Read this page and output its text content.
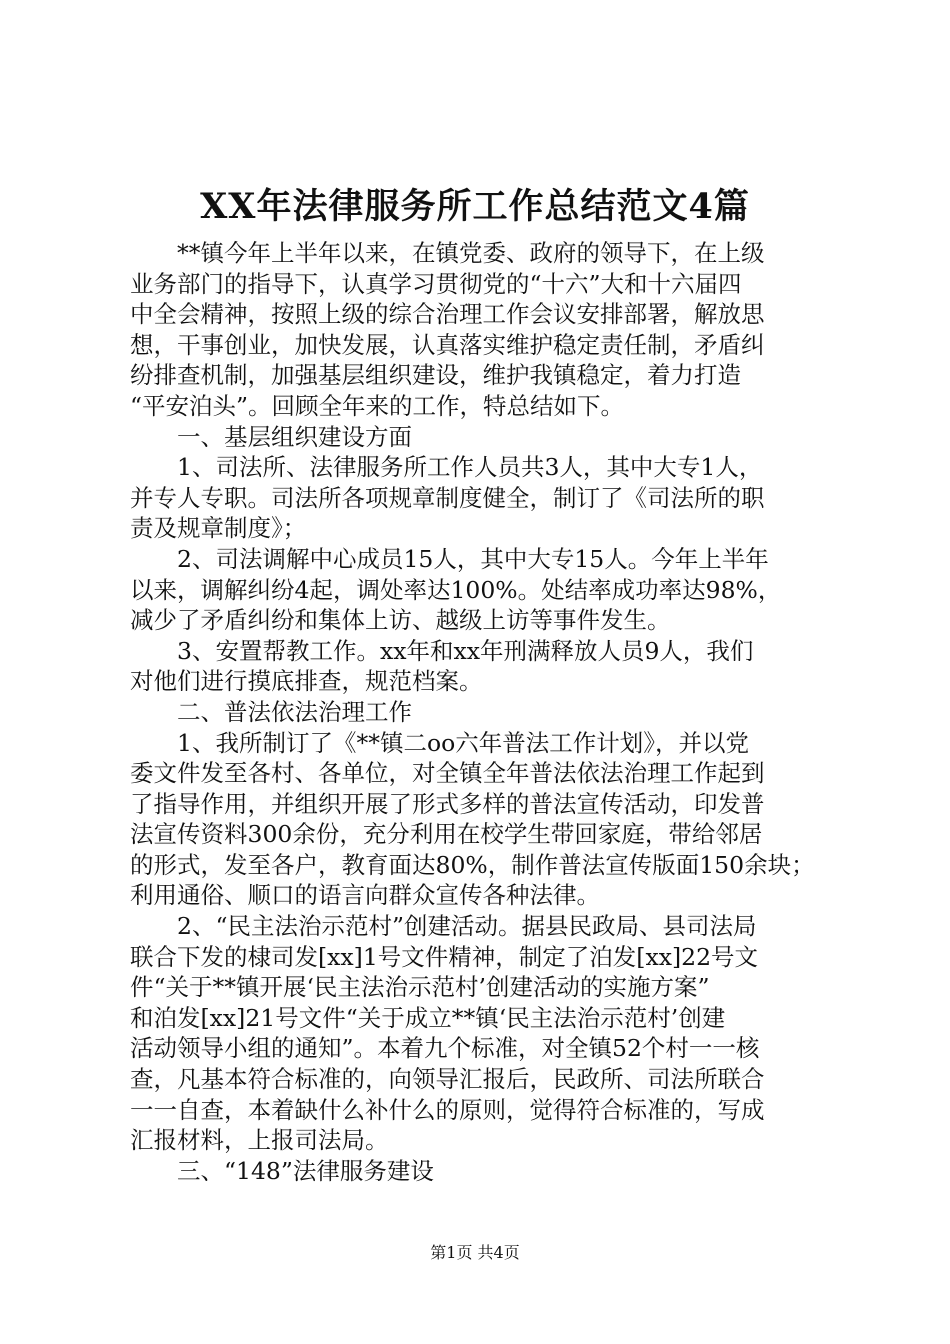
XX年法律服务所工作总结范文4篇
　　**镇今年上半年以来，在镇党委、政府的领导下，在上级
业务部门的指导下，认真学习贯彻党的“十六”大和十六届四
中全会精神，按照上级的综合治理工作会议安排部署，解放思
想，干事创业，加快发展，认真落实维护稳定责任制，矛盾纠
纷排查机制，加强基层组织建设，维护我镇稳定，着力打造
“平安泊头”。回顾全年来的工作，特总结如下。
　　一、基层组织建设方面
　　1、司法所、法律服务所工作人员共3人，其中大专1人，
并专人专职。司法所各项规章制度健全，制订了《司法所的职
责及规章制度》；
　　2、司法调解中心成员15人，其中大专15人。今年上半年
以来，调解纠纷4起，调处率达100%。处结率成功率达98%，
减少了矛盾纠纷和集体上访、越级上访等事件发生。
　　3、安置帮教工作。xx年和xx年刑满释放人员9人，我们
对他们进行摸底排查，规范档案。
　　二、普法依法治理工作
　　1、我所制订了《**镇二oo六年普法工作计划》，并以党
委文件发至各村、各单位，对全镇全年普法依法治理工作起到
了指导作用，并组织开展了形式多样的普法宣传活动，印发普
法宣传资料300余份，充分利用在校学生带回家庭，带给邻居
的形式，发至各户，教育面达80%，制作普法宣传版面150余块；
利用通俗、顺口的语言向群众宣传各种法律。
　　2、“民主法治示范村”创建活动。据县民政局、县司法局
联合下发的棣司发[xx]1号文件精神，制定了泊发[xx]22号文
件“关于**镇开展‘民主法治示范村’创建活动的实施方案”
和泊发[xx]21号文件“关于成立**镇‘民主法治示范村’创建
活动领导小组的通知”。本着九个标准，对全镇52个村一一核
查，凡基本符合标准的，向领导汇报后，民政所、司法所联合
一一自查，本着缺什么补什么的原则，觉得符合标准的，写成
汇报材料，上报司法局。
　　三、“148”法律服务建设
第1页 共4页
